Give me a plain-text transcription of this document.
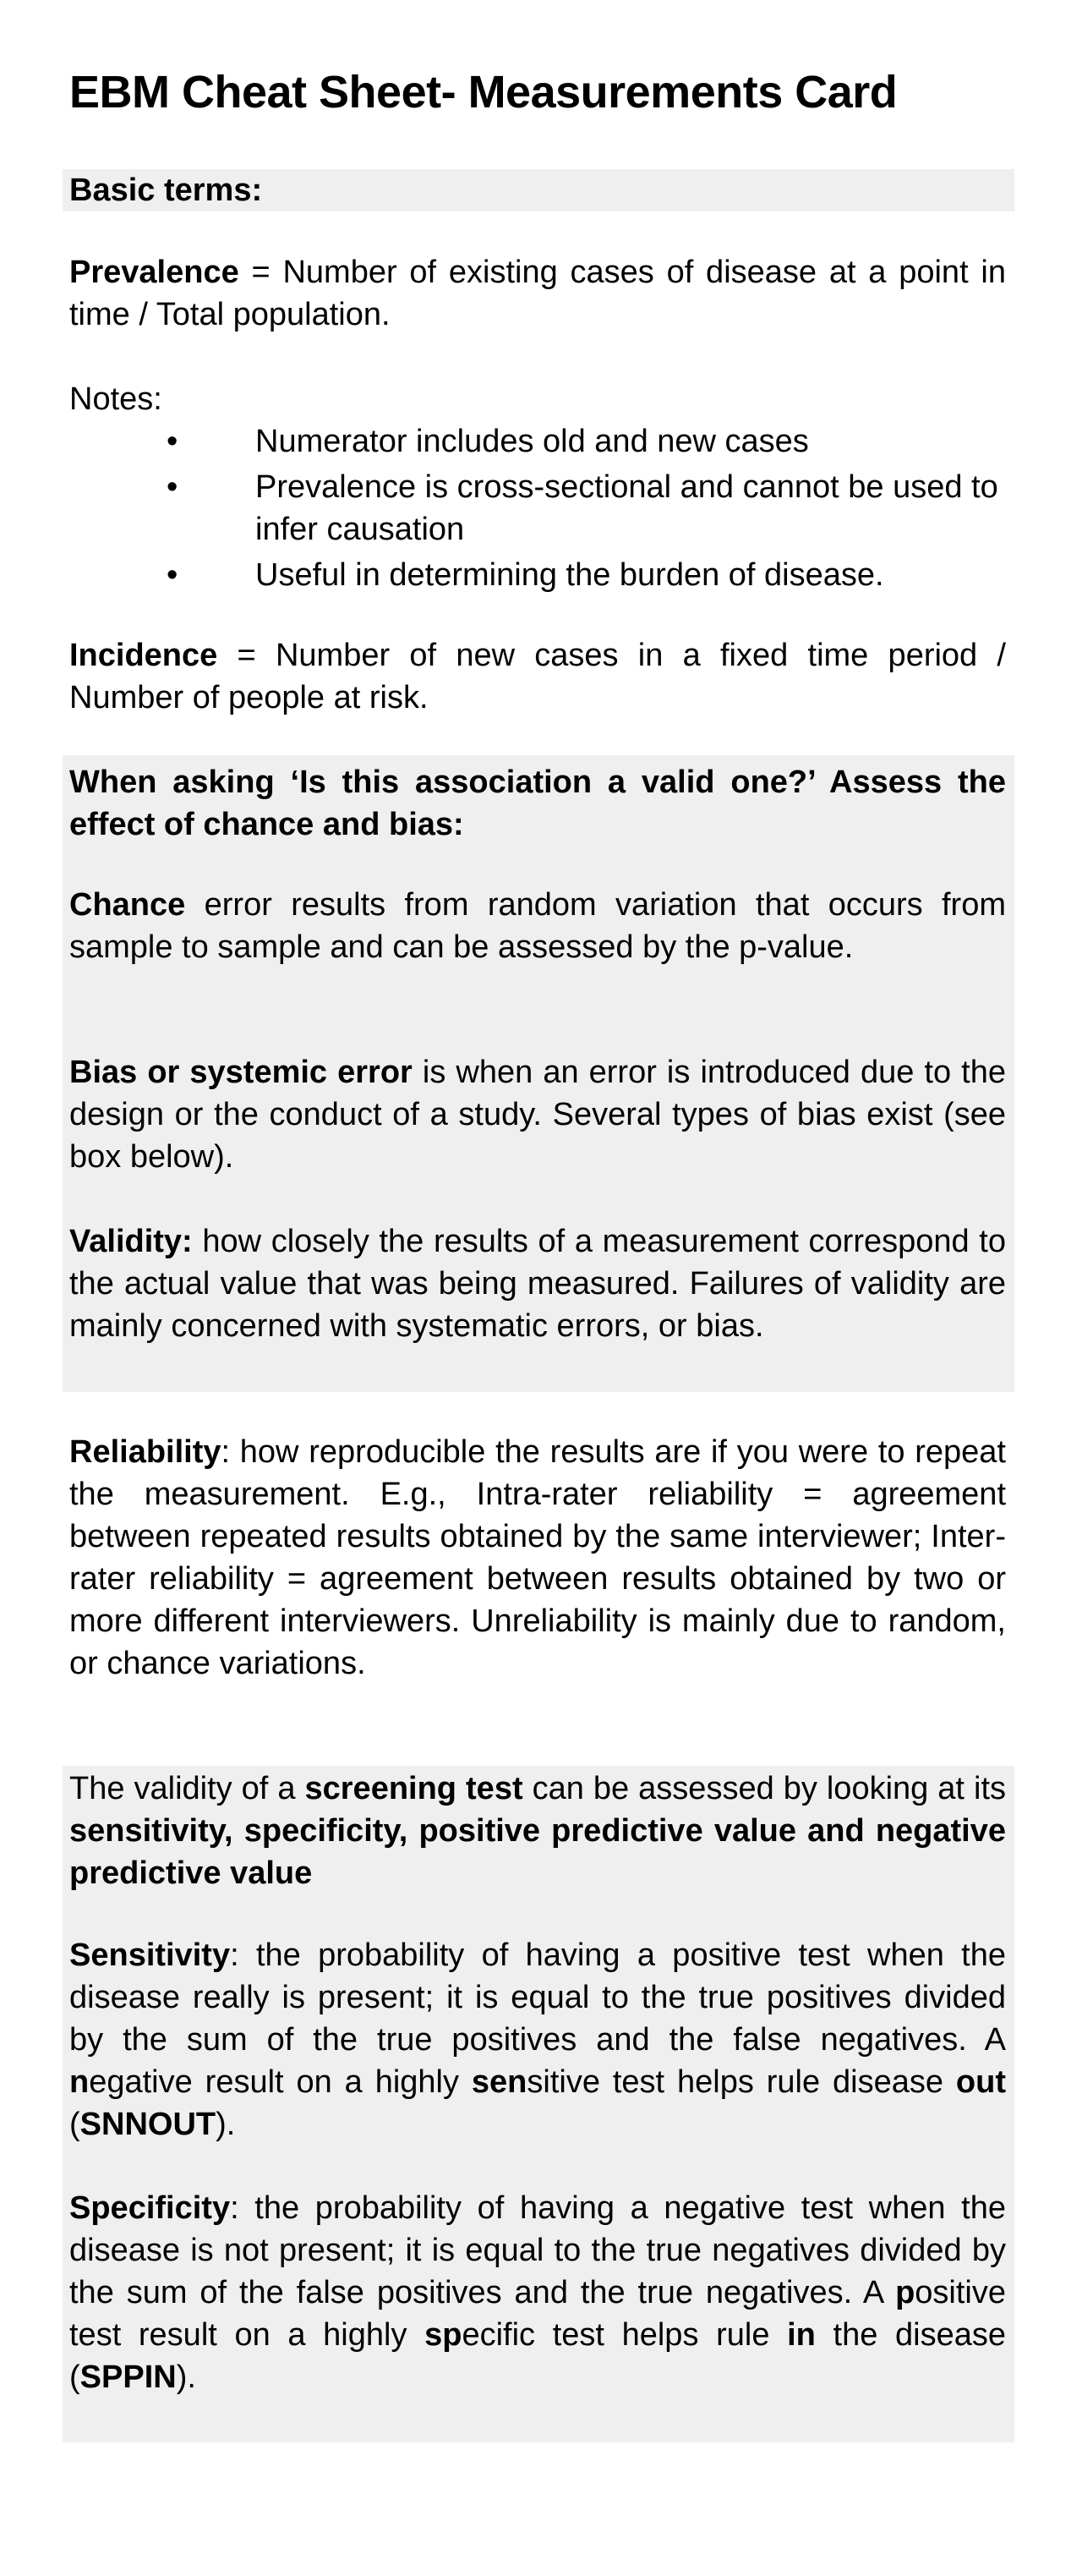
EBM Cheat Sheet- Measurements Card

Basic terms:

Prevalence = Number of existing cases of disease at a point in time / Total population.

Notes:

• Numerator includes old and new cases
• Prevalence is cross-sectional and cannot be used to infer causation
• Useful in determining the burden of disease.

Incidence = Number of new cases in a fixed time period / Number of people at risk.

When asking ‘Is this association a valid one?’ Assess the effect of chance and bias:

Chance error results from random variation that occurs from sample to sample and can be assessed by the p-value.

Bias or systemic error is when an error is introduced due to the design or the conduct of a study. Several types of bias exist (see box below).

Validity: how closely the results of a measurement correspond to the actual value that was being measured. Failures of validity are mainly concerned with systematic errors, or bias.

Reliability: how reproducible the results are if you were to repeat the measurement. E.g., Intra-rater reliability = agreement between repeated results obtained by the same interviewer; Inter-rater reliability = agreement between results obtained by two or more different interviewers. Unreliability is mainly due to random, or chance variations.

The validity of a screening test can be assessed by looking at its sensitivity, specificity, positive predictive value and negative predictive value

Sensitivity: the probability of having a positive test when the disease really is present; it is equal to the true positives divided by the sum of the true positives and the false negatives. A negative result on a highly sensitive test helps rule disease out (SNNOUT).

Specificity: the probability of having a negative test when the disease is not present; it is equal to the true negatives divided by the sum of the false positives and the true negatives. A positive test result on a highly specific test helps rule in the disease (SPPIN).
